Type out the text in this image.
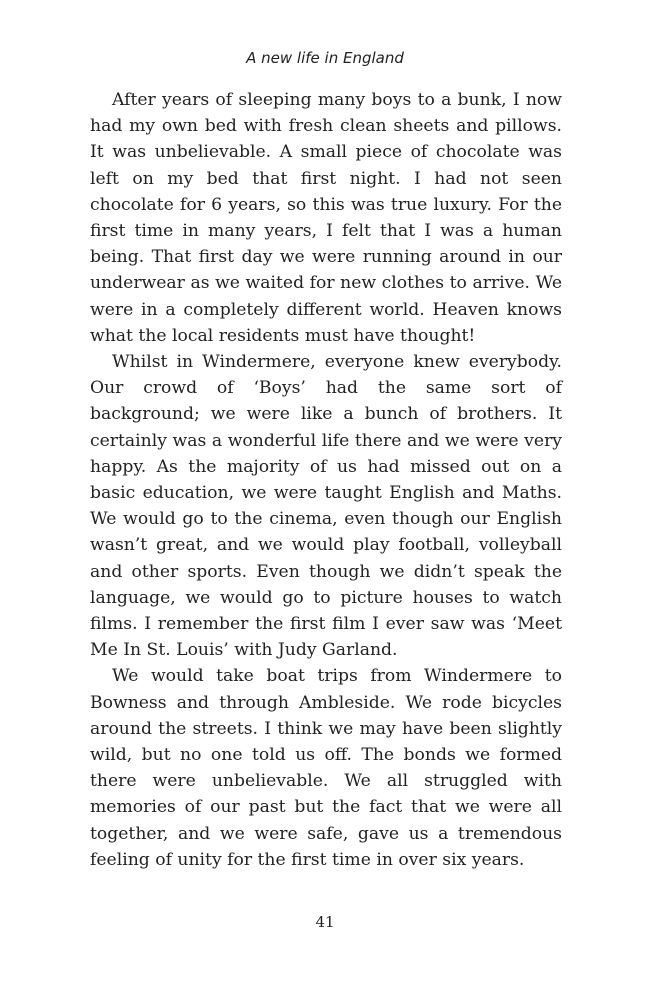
A new life in England

After years of sleeping many boys to a bunk, I now had my own bed with fresh clean sheets and pillows. It was unbelievable. A small piece of chocolate was left on my bed that first night. I had not seen chocolate for 6 years, so this was true luxury. For the first time in many years, I felt that I was a human being. That first day we were running around in our underwear as we waited for new clothes to arrive. We were in a completely different world. Heaven knows what the local residents must have thought!

Whilst in Windermere, everyone knew everybody. Our crowd of ‘Boys’ had the same sort of background; we were like a bunch of brothers. It certainly was a wonderful life there and we were very happy. As the majority of us had missed out on a basic education, we were taught English and Maths. We would go to the cinema, even though our English wasn’t great, and we would play football, volleyball and other sports. Even though we didn’t speak the language, we would go to picture houses to watch films. I remember the first film I ever saw was ‘Meet Me In St. Louis’ with Judy Garland.

We would take boat trips from Windermere to Bowness and through Ambleside. We rode bicycles around the streets. I think we may have been slightly wild, but no one told us off. The bonds we formed there were unbelievable. We all struggled with memories of our past but the fact that we were all together, and we were safe, gave us a tremendous feeling of unity for the first time in over six years.

41
